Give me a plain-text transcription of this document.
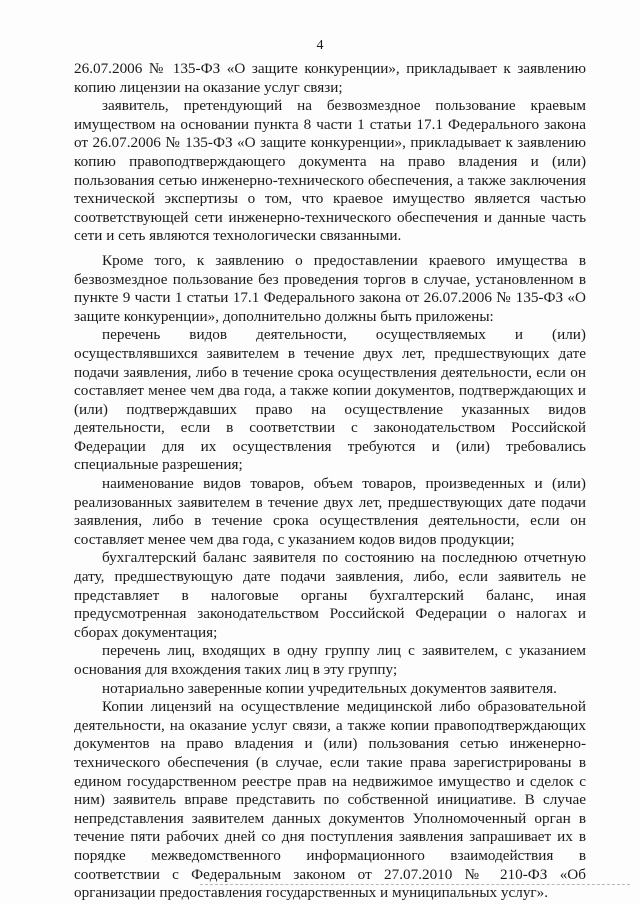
4

26.07.2006 № 135-ФЗ «О защите конкуренции», прикладывает к заявлению копию лицензии на оказание услуг связи;

заявитель, претендующий на безвозмездное пользование краевым имуществом на основании пункта 8 части 1 статьи 17.1 Федерального закона от 26.07.2006 № 135-ФЗ «О защите конкуренции», прикладывает к заявлению копию правоподтверждающего документа на право владения и (или) пользования сетью инженерно-технического обеспечения, а также заключения технической экспертизы о том, что краевое имущество является частью соответствующей сети инженерно-технического обеспечения и данные часть сети и сеть являются технологически связанными.

Кроме того, к заявлению о предоставлении краевого имущества в безвозмездное пользование без проведения торгов в случае, установленном в пункте 9 части 1 статьи 17.1 Федерального закона от 26.07.2006 № 135-ФЗ «О защите конкуренции», дополнительно должны быть приложены:

перечень видов деятельности, осуществляемых и (или) осуществлявшихся заявителем в течение двух лет, предшествующих дате подачи заявления, либо в течение срока осуществления деятельности, если он составляет менее чем два года, а также копии документов, подтверждающих и (или) подтверждавших право на осуществление указанных видов деятельности, если в соответствии с законодательством Российской Федерации для их осуществления требуются и (или) требовались специальные разрешения;

наименование видов товаров, объем товаров, произведенных и (или) реализованных заявителем в течение двух лет, предшествующих дате подачи заявления, либо в течение срока осуществления деятельности, если он составляет менее чем два года, с указанием кодов видов продукции;

бухгалтерский баланс заявителя по состоянию на последнюю отчетную дату, предшествующую дате подачи заявления, либо, если заявитель не представляет в налоговые органы бухгалтерский баланс, иная предусмотренная законодательством Российской Федерации о налогах и сборах документация;

перечень лиц, входящих в одну группу лиц с заявителем, с указанием основания для вхождения таких лиц в эту группу;

нотариально заверенные копии учредительных документов заявителя.

Копии лицензий на осуществление медицинской либо образовательной деятельности, на оказание услуг связи, а также копии правоподтверждающих документов на право владения и (или) пользования сетью инженерно-технического обеспечения (в случае, если такие права зарегистрированы в едином государственном реестре прав на недвижимое имущество и сделок с ним) заявитель вправе представить по собственной инициативе. В случае непредставления заявителем данных документов Уполномоченный орган в течение пяти рабочих дней со дня поступления заявления запрашивает их в порядке межведомственного информационного взаимодействия в соответствии с Федеральным законом от 27.07.2010 № 210-ФЗ «Об организации предоставления государственных и муниципальных услуг».
